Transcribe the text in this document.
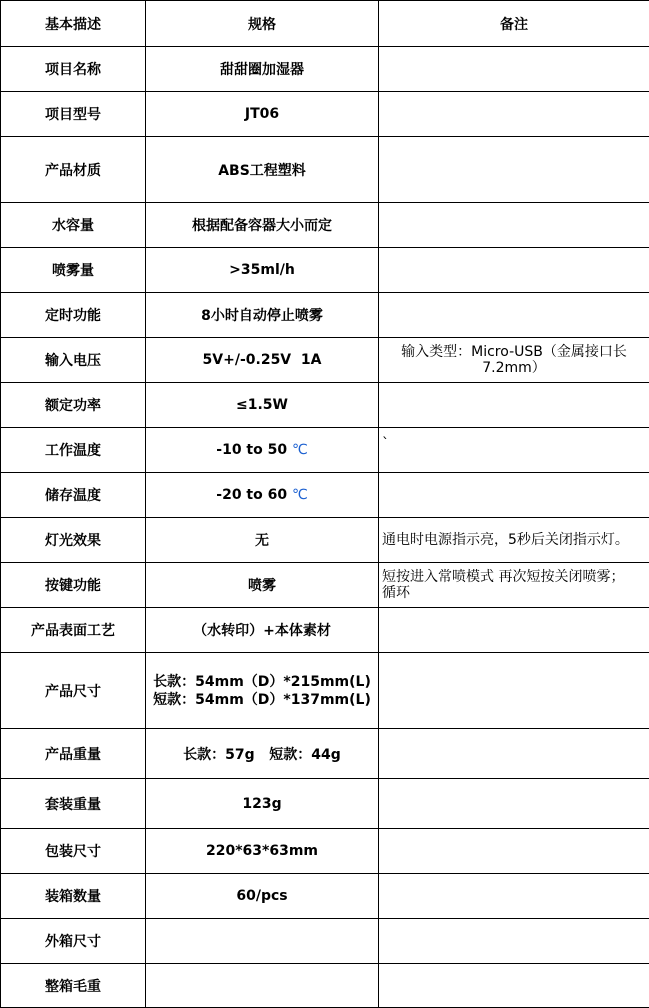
基本描述	规格	备注
项目名称	甜甜圈加湿器	
项目型号	JT06	
产品材质	ABS工程塑料	
水容量	根据配备容器大小而定	
喷雾量	>35ml/h	
定时功能	8小时自动停止喷雾	
输入电压	5V+/-0.25V  1A	输入类型：Micro-USB（金属接口长
7.2mm）

额定功率	≤1.5W	
工作温度	-10 to 50 ℃	`
储存温度	-20 to 60 ℃	
灯光效果	无	通电时电源指示亮，5秒后关闭指示灯。
按键功能	喷雾	短按进入常喷模式 再次短按关闭喷雾；
循环

产品表面工艺	（水转印）+本体素材	
产品尺寸	长款：54mm（D）*215mm(L)
短款：54mm（D）*137mm(L)	

产品重量	长款：57g   短款：44g	
套装重量	123g	
包装尺寸	220*63*63mm	
装箱数量	60/pcs	
外箱尺寸		
整箱毛重		
